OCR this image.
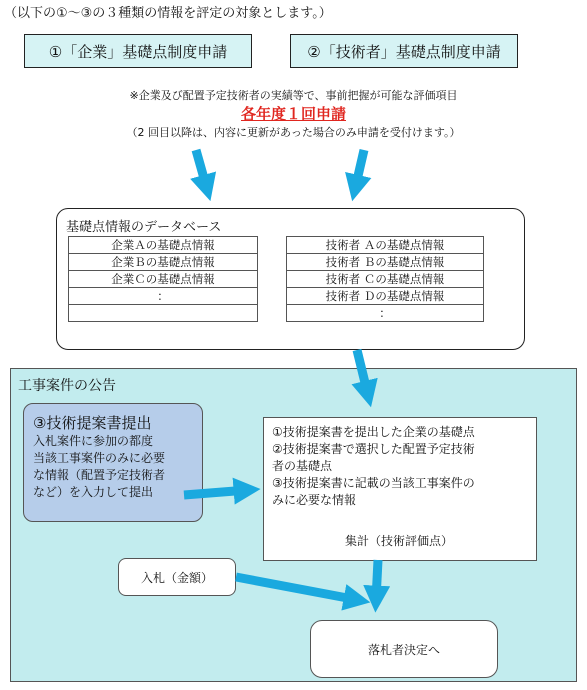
（以下の①～③の３種類の情報を評定の対象とします。）
①「企業」基礎点制度申請	②「技術者」基礎点制度申請
※企業及び配置予定技術者の実績等で、事前把握が可能な評価項目
各年度１回申請
（2 回目以降は、内容に更新があった場合のみ申請を受付けます。）
基礎点情報のデータベース
企業Ａの基礎点情報
企業Ｂの基礎点情報
企業Ｃの基礎点情報
：

技術者 Ａの基礎点情報
技術者 Ｂの基礎点情報
技術者 Ｃの基礎点情報
技術者 Ｄの基礎点情報
：
工事案件の公告
③技術提案書提出
入札案件に参加の都度
当該工事案件のみに必要
な情報（配置予定技術者
など）を入力して提出
①技術提案書を提出した企業の基礎点
②技術提案書で選択した配置予定技術
者の基礎点
③技術提案書に記載の当該工事案件の
みに必要な情報
集計（技術評価点）
入札（金額）
落札者決定へ
